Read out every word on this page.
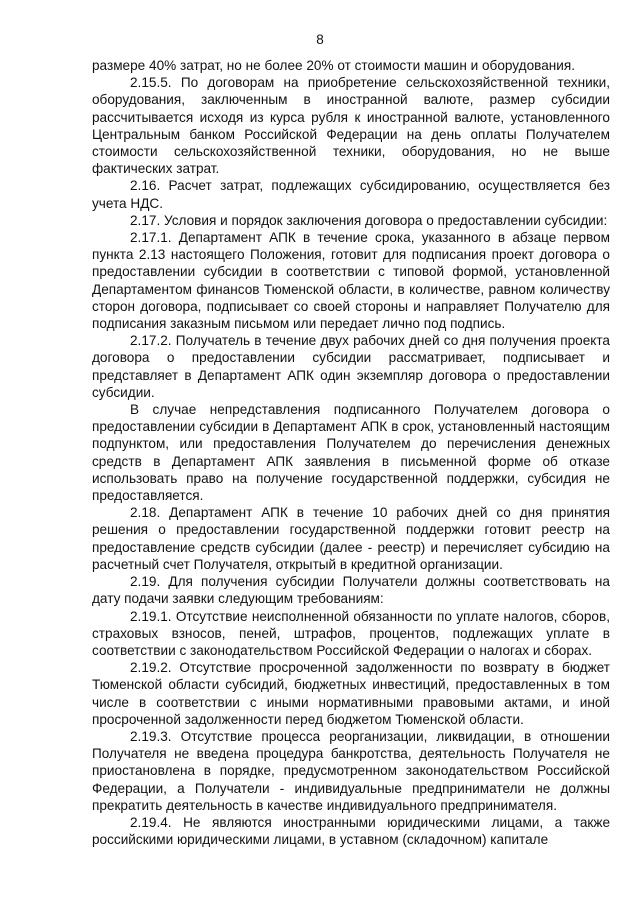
8

размере 40% затрат, но не более 20% от стоимости машин и оборудования.

2.15.5. По договорам на приобретение сельскохозяйственной техники, оборудования, заключенным в иностранной валюте, размер субсидии рассчитывается исходя из курса рубля к иностранной валюте, установленного Центральным банком Российской Федерации на день оплаты Получателем стоимости сельскохозяйственной техники, оборудования, но не выше фактических затрат.

2.16. Расчет затрат, подлежащих субсидированию, осуществляется без учета НДС.

2.17. Условия и порядок заключения договора о предоставлении субсидии:

2.17.1. Департамент АПК в течение срока, указанного в абзаце первом пункта 2.13 настоящего Положения, готовит для подписания проект договора о предоставлении субсидии в соответствии с типовой формой, установленной Департаментом финансов Тюменской области, в количестве, равном количеству сторон договора, подписывает со своей стороны и направляет Получателю для подписания заказным письмом или передает лично под подпись.

2.17.2. Получатель в течение двух рабочих дней со дня получения проекта договора о предоставлении субсидии рассматривает, подписывает и представляет в Департамент АПК один экземпляр договора о предоставлении субсидии.

В случае непредставления подписанного Получателем договора о предоставлении субсидии в Департамент АПК в срок, установленный настоящим подпунктом, или предоставления Получателем до перечисления денежных средств в Департамент АПК заявления в письменной форме об отказе использовать право на получение государственной поддержки, субсидия не предоставляется.

2.18. Департамент АПК в течение 10 рабочих дней со дня принятия решения о предоставлении государственной поддержки готовит реестр на предоставление средств субсидии (далее - реестр) и перечисляет субсидию на расчетный счет Получателя, открытый в кредитной организации.

2.19. Для получения субсидии Получатели должны соответствовать на дату подачи заявки следующим требованиям:

2.19.1. Отсутствие неисполненной обязанности по уплате налогов, сборов, страховых взносов, пеней, штрафов, процентов, подлежащих уплате в соответствии с законодательством Российской Федерации о налогах и сборах.

2.19.2. Отсутствие просроченной задолженности по возврату в бюджет Тюменской области субсидий, бюджетных инвестиций, предоставленных в том числе в соответствии с иными нормативными правовыми актами, и иной просроченной задолженности перед бюджетом Тюменской области.

2.19.3. Отсутствие процесса реорганизации, ликвидации, в отношении Получателя не введена процедура банкротства, деятельность Получателя не приостановлена в порядке, предусмотренном законодательством Российской Федерации, а Получатели - индивидуальные предприниматели не должны прекратить деятельность в качестве индивидуального предпринимателя.

2.19.4. Не являются иностранными юридическими лицами, а также российскими юридическими лицами, в уставном (складочном) капитале
